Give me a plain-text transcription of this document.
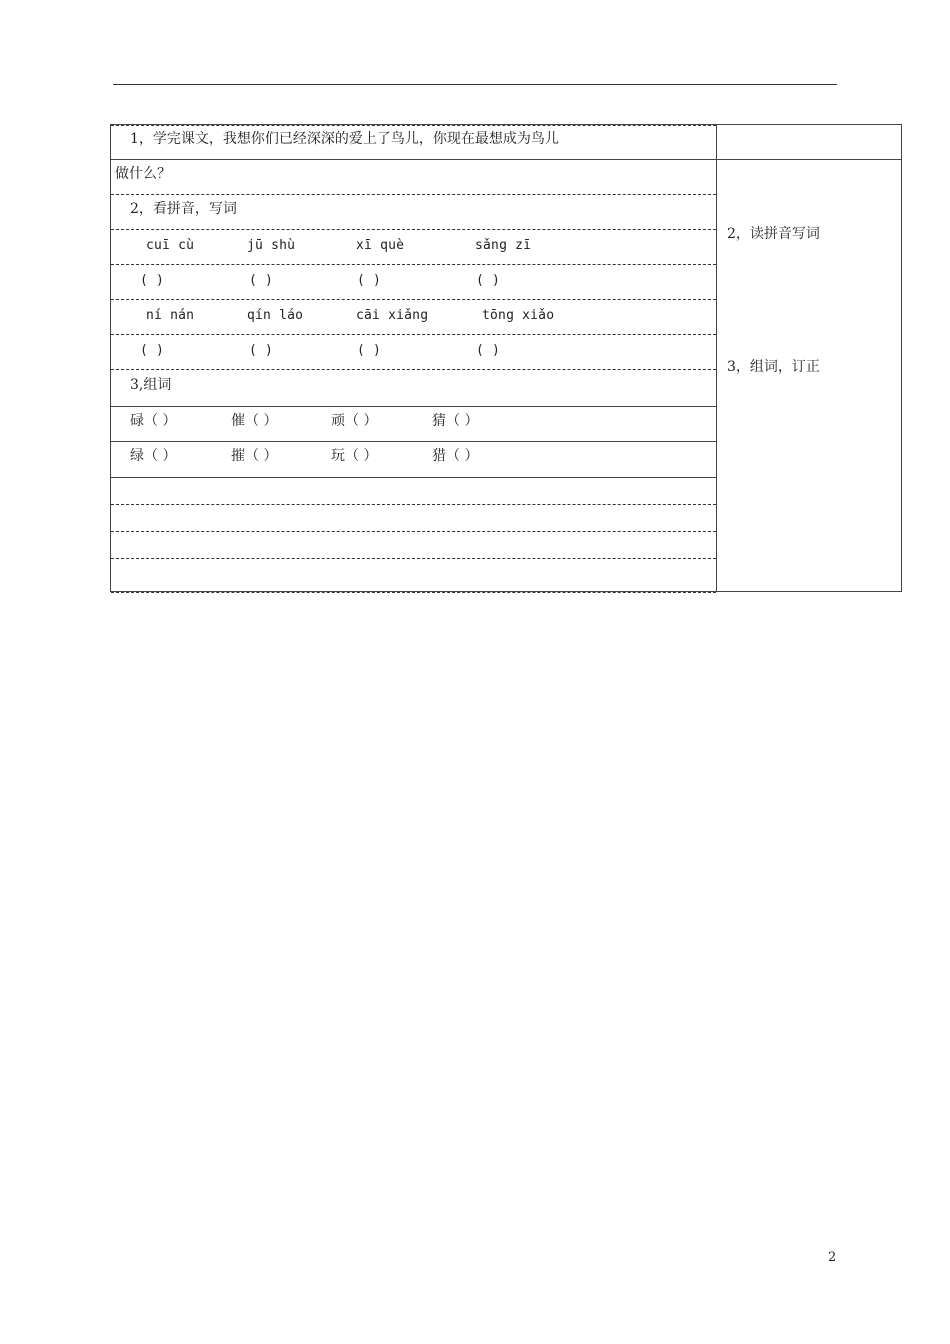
1，学完课文，我想你们已经深深的爱上了鸟儿，你现在最想成为鸟儿
做什么？
2，看拼音，写词
cuī cù	jū shù	xī què	sǎng zī
( )	( )	( )	( )
ní nán	qín láo	cāi xiǎng	tōng xiǎo
( )	( )	( )	( )
3,组词
碌（ ）	催（ ）	顽（ ）	猜（ ）
绿（ ）	摧（ ）	玩（ ）	猎（ ）
2，读拼音写词
3，组词，订正
2
